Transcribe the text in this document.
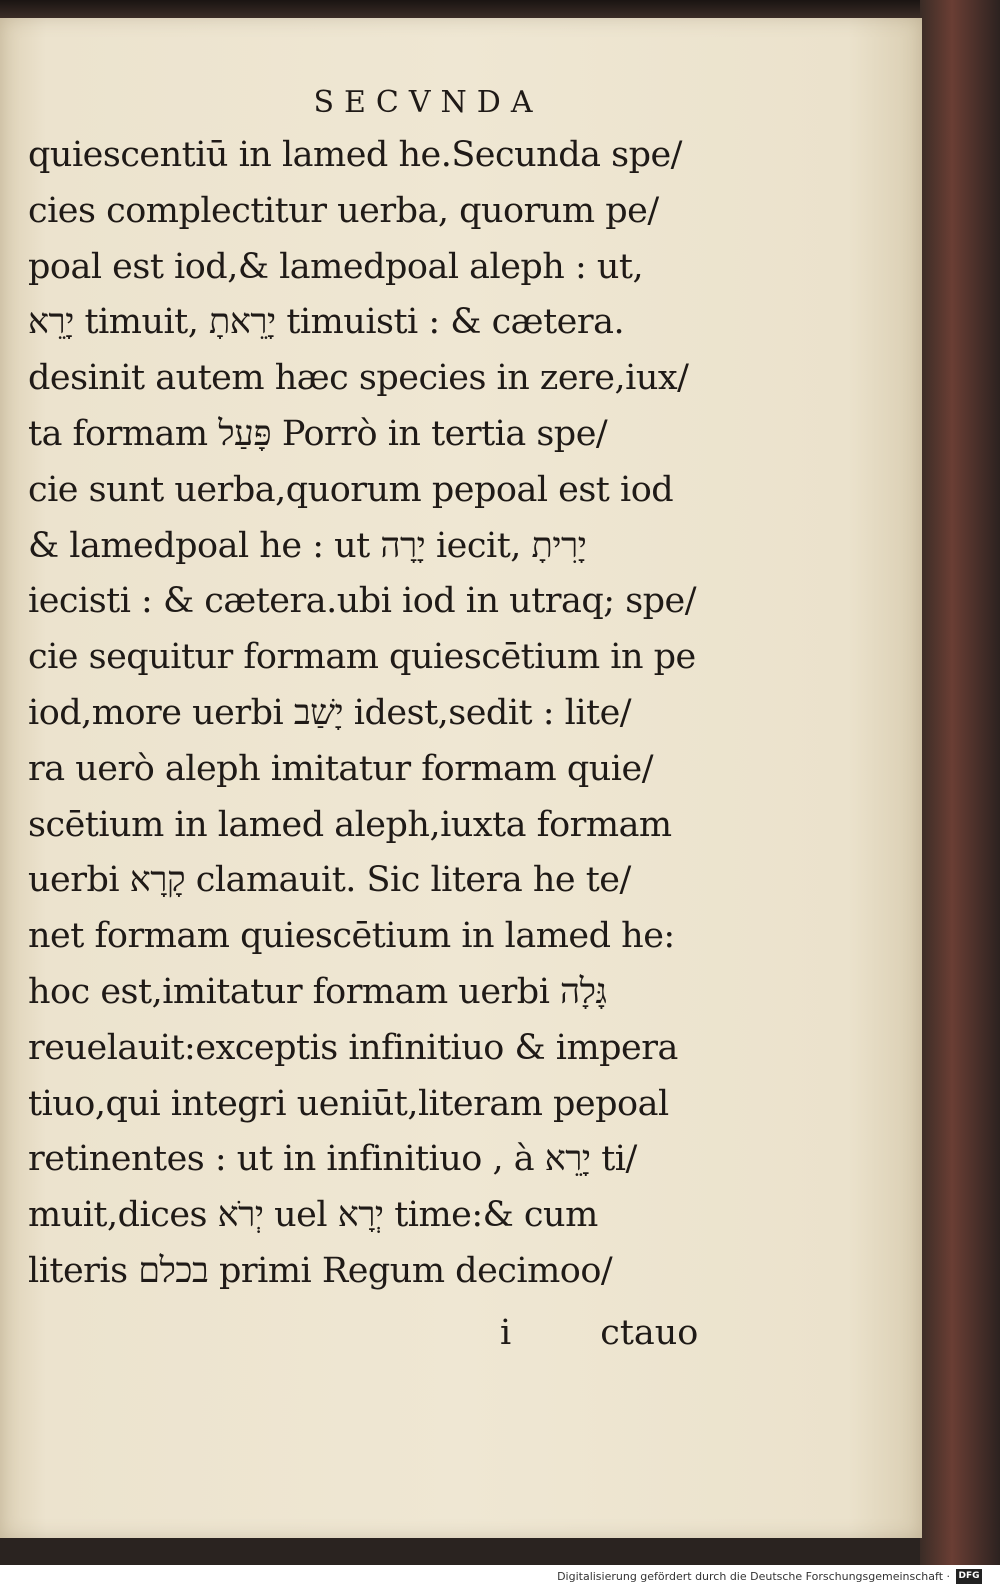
SECVNDA
quiescentiū in lamed he.Secunda spe/
cies complectitur uerba, quorum pe/
poal est iod,& lamedpoal aleph : ut,
יָרֵא timuit, יָרֵאתָ timuisti : & cætera.
desinit autem hæc species in zere,iux/
ta formam פָּעַל Porrò in tertia spe/
cie sunt uerba,quorum pepoal est iod
& lamedpoal he : ut יָרָה iecit, יָרִיתָ
iecisti : & cætera.ubi iod in utraq; spe/
cie sequitur formam quiescētium in pe
iod,more uerbi יָשַׁב idest,sedit : lite/
ra uerò aleph imitatur formam quie/
scētium in lamed aleph,iuxta formam
uerbi קָרָא clamauit. Sic litera he te/
net formam quiescētium in lamed he:
hoc est,imitatur formam uerbi גָּלָה
reuelauit:exceptis infinitiuo & impera
tiuo,qui integri ueniūt,literam pepoal
retinentes : ut in infinitiuo , à יָרֵא ti/
muit,dices יְרֹא uel יְרָא time:& cum
literis בכלם primi Regum decimoo/
i	ctauo
Digitalisierung gefördert durch die Deutsche Forschungsgemeinschaft · DFG
